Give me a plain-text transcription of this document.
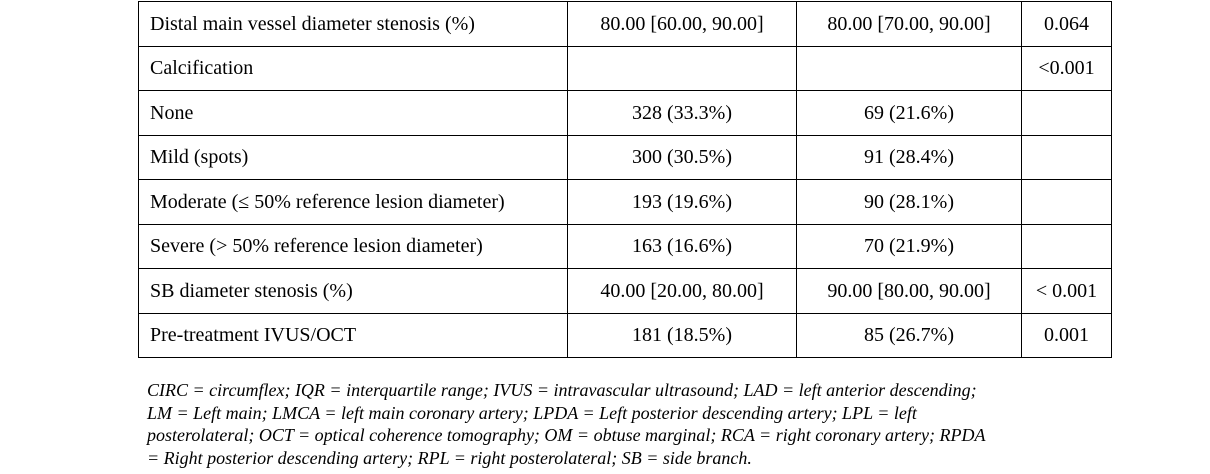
Distal main vessel diameter stenosis (%)	80.00 [60.00, 90.00]	80.00 [70.00, 90.00]	0.064
Calcification			<0.001
None	328 (33.3%)	69 (21.6%)	
Mild (spots)	300 (30.5%)	91 (28.4%)	
Moderate (≤ 50% reference lesion diameter)	193 (19.6%)	90 (28.1%)	
Severe (> 50% reference lesion diameter)	163 (16.6%)	70 (21.9%)	
SB diameter stenosis (%)	40.00 [20.00, 80.00]	90.00 [80.00, 90.00]	< 0.001
Pre-treatment IVUS/OCT	181 (18.5%)	85 (26.7%)	0.001

CIRC = circumflex; IQR = interquartile range; IVUS = intravascular ultrasound; LAD = left anterior descending;
LM = Left main; LMCA = left main coronary artery; LPDA = Left posterior descending artery; LPL = left
posterolateral; OCT = optical coherence tomography; OM = obtuse marginal; RCA = right coronary artery; RPDA
= Right posterior descending artery; RPL = right posterolateral; SB = side branch.
